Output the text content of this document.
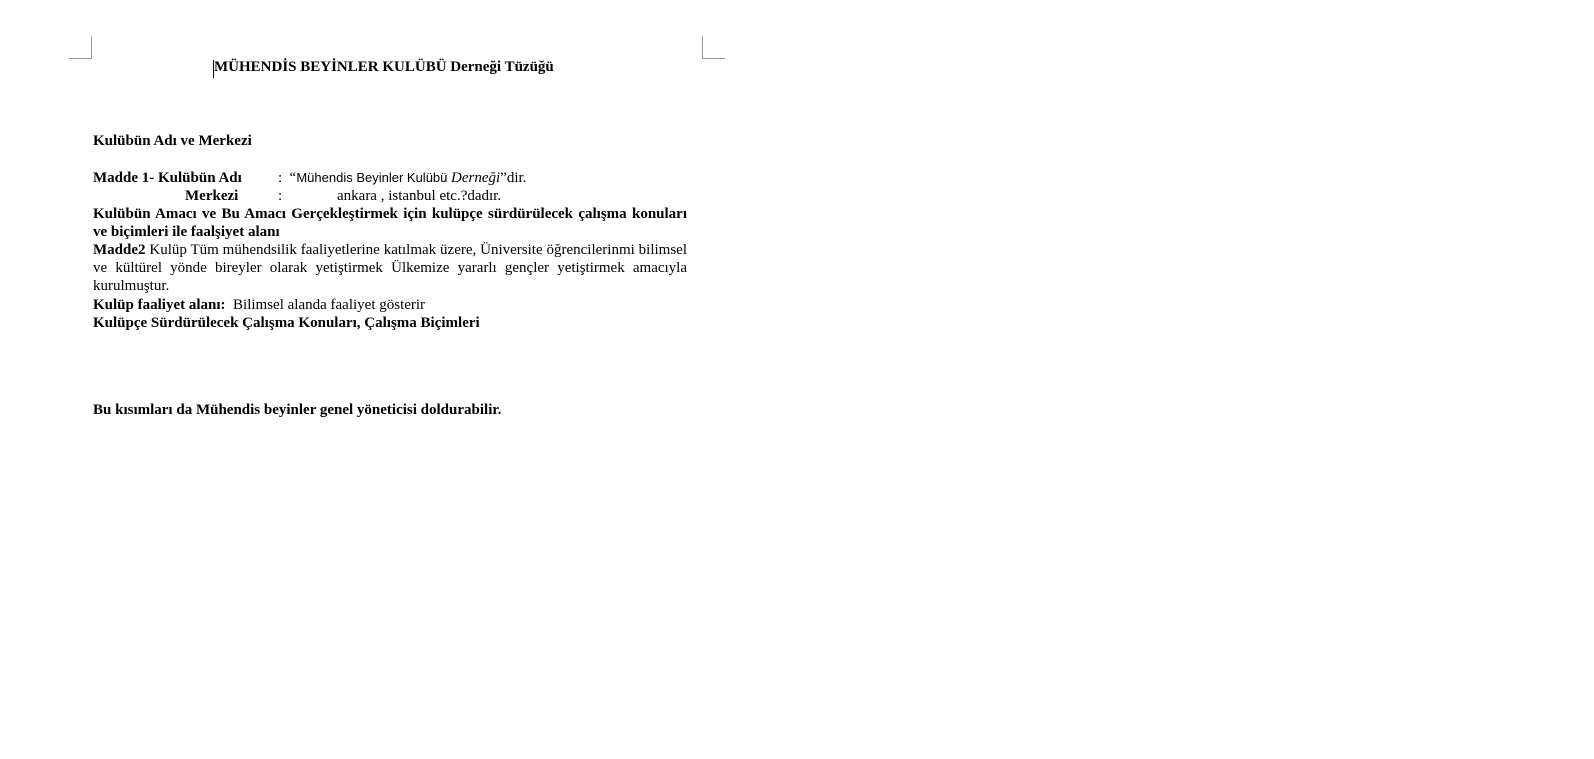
MÜHENDİS BEYİNLER KULÜBÜ Derneği Tüzüğü
Kulübün Adı ve Merkezi
Madde 1- Kulübün Adı : “Mühendis Beyinler Kulübü Derneği”dir.
Merkezi	:	ankara , istanbul etc.?dadır.

Kulübün Amacı ve Bu Amacı Gerçekleştirmek için kulüpçe sürdürülecek çalışma konuları ve biçimleri ile faalşiyet alanı

Madde2 Kulüp Tüm mühendsilik faaliyetlerine katılmak üzere, Üniversite öğrencilerinmi bilimsel ve kültürel yönde bireyler olarak yetiştirmek Ülkemize yararlı gençler yetiştirmek amacıyla kurulmuştur.

Kulüp faaliyet alanı:  Bilimsel alanda faaliyet gösterir

Kulüpçe Sürdürülecek Çalışma Konuları, Çalışma Biçimleri
Bu kısımları da Mühendis beyinler genel yöneticisi doldurabilir.
